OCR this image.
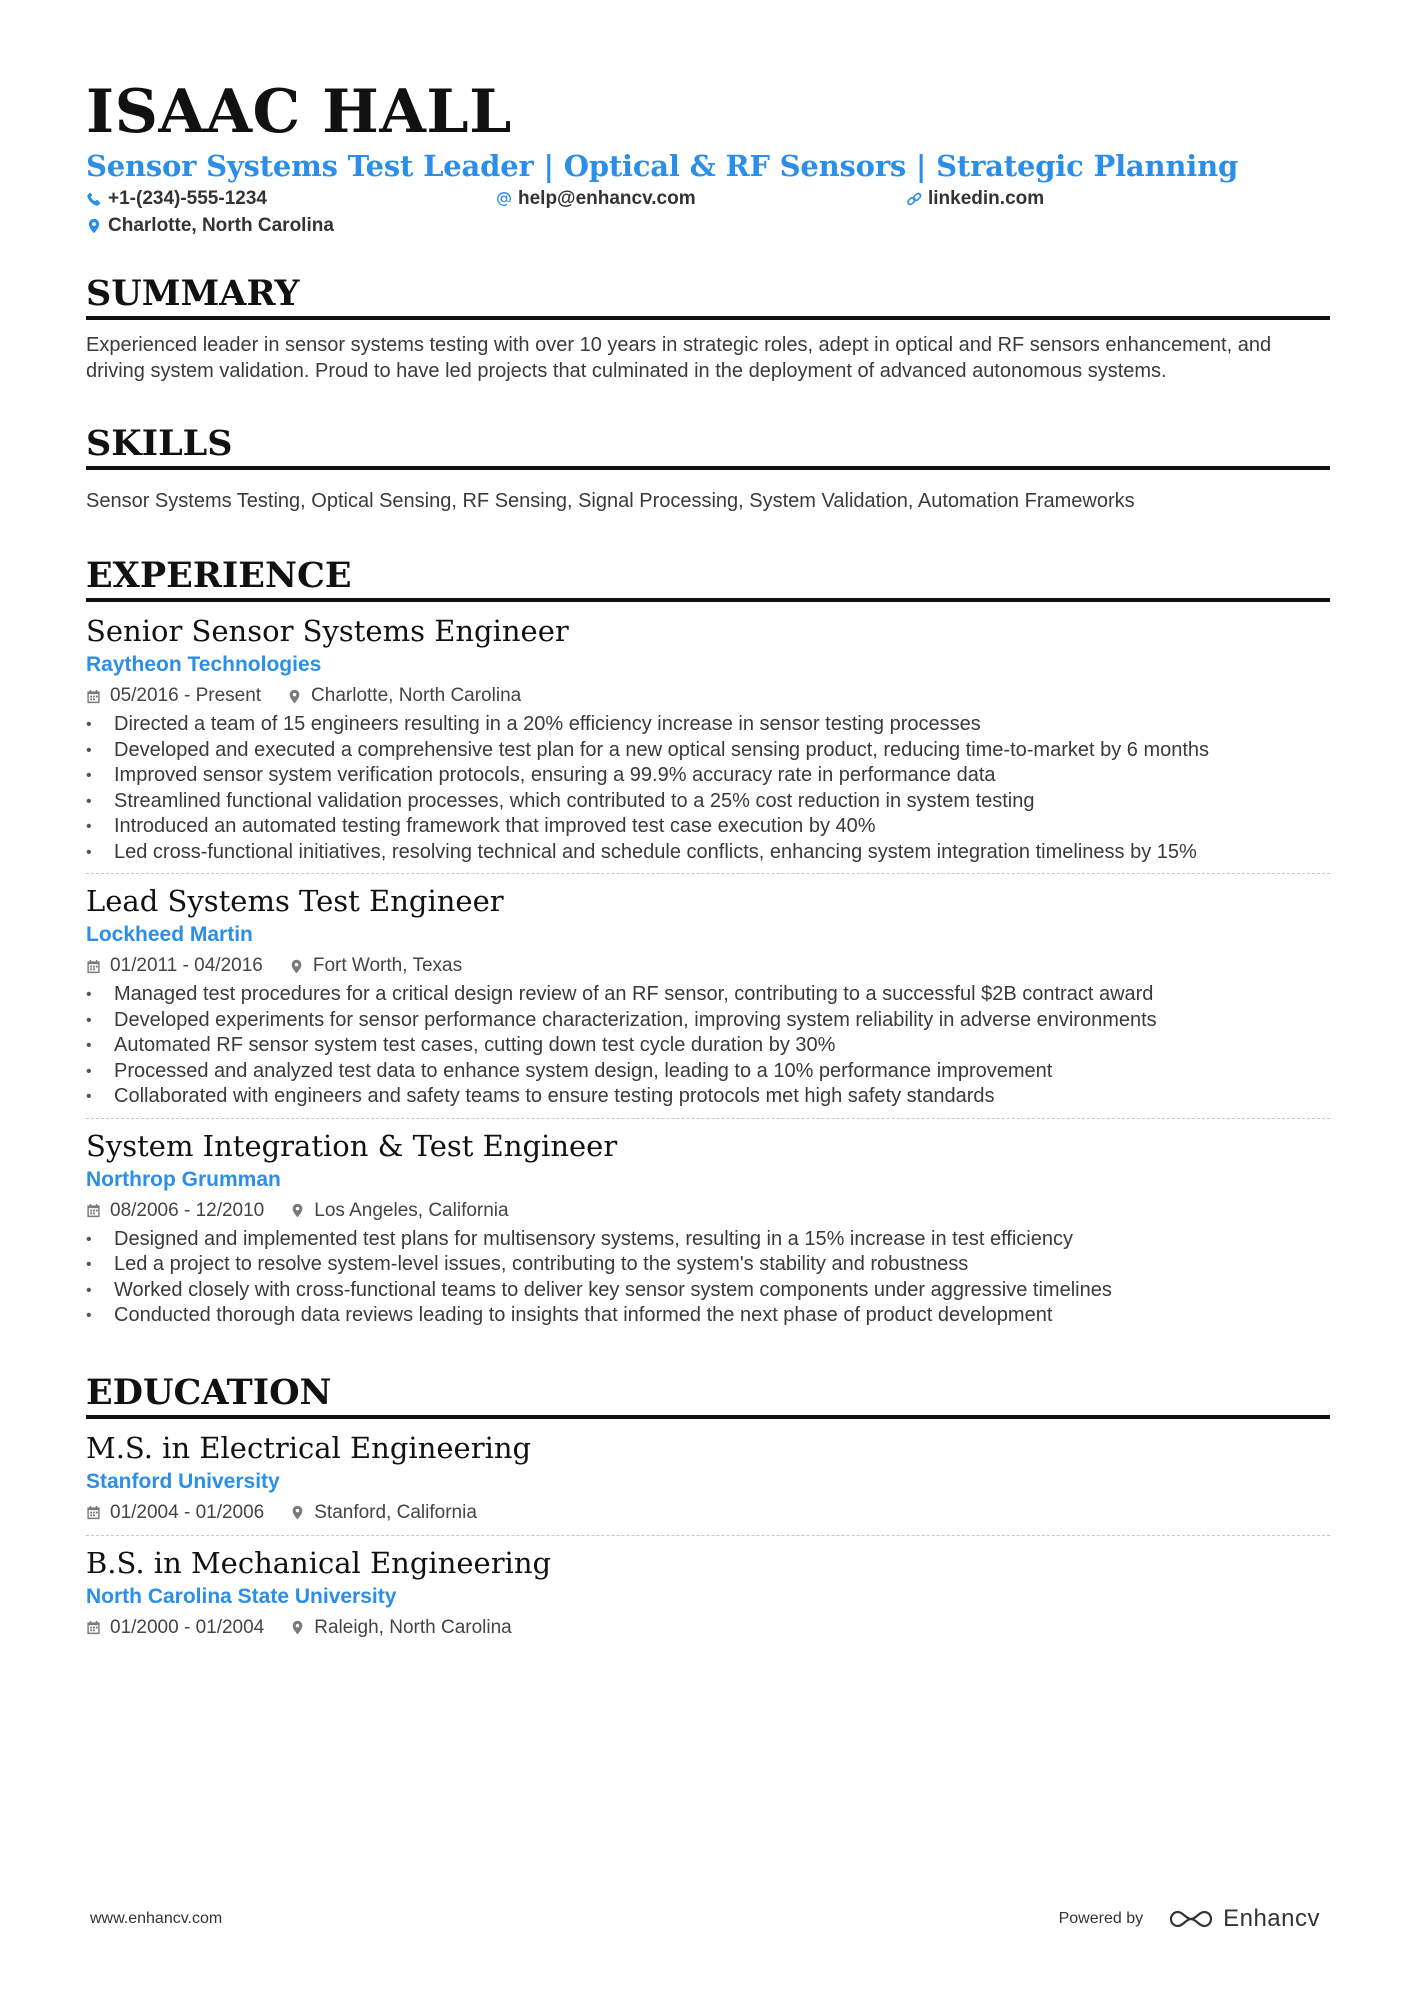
ISAAC HALL
Sensor Systems Test Leader | Optical & RF Sensors | Strategic Planning
+1-(234)-555-1234	help@enhancv.com	linkedin.com
Charlotte, North Carolina
SUMMARY
Experienced leader in sensor systems testing with over 10 years in strategic roles, adept in optical and RF sensors enhancement, and driving system validation. Proud to have led projects that culminated in the deployment of advanced autonomous systems.
SKILLS
Sensor Systems Testing, Optical Sensing, RF Sensing, Signal Processing, System Validation, Automation Frameworks
EXPERIENCE
Senior Sensor Systems Engineer
Raytheon Technologies
05/2016 - Present	Charlotte, North Carolina
• Directed a team of 15 engineers resulting in a 20% efficiency increase in sensor testing processes
• Developed and executed a comprehensive test plan for a new optical sensing product, reducing time-to-market by 6 months
• Improved sensor system verification protocols, ensuring a 99.9% accuracy rate in performance data
• Streamlined functional validation processes, which contributed to a 25% cost reduction in system testing
• Introduced an automated testing framework that improved test case execution by 40%
• Led cross-functional initiatives, resolving technical and schedule conflicts, enhancing system integration timeliness by 15%
Lead Systems Test Engineer
Lockheed Martin
01/2011 - 04/2016	Fort Worth, Texas
• Managed test procedures for a critical design review of an RF sensor, contributing to a successful $2B contract award
• Developed experiments for sensor performance characterization, improving system reliability in adverse environments
• Automated RF sensor system test cases, cutting down test cycle duration by 30%
• Processed and analyzed test data to enhance system design, leading to a 10% performance improvement
• Collaborated with engineers and safety teams to ensure testing protocols met high safety standards
System Integration & Test Engineer
Northrop Grumman
08/2006 - 12/2010	Los Angeles, California
• Designed and implemented test plans for multisensory systems, resulting in a 15% increase in test efficiency
• Led a project to resolve system-level issues, contributing to the system's stability and robustness
• Worked closely with cross-functional teams to deliver key sensor system components under aggressive timelines
• Conducted thorough data reviews leading to insights that informed the next phase of product development
EDUCATION
M.S. in Electrical Engineering
Stanford University
01/2004 - 01/2006	Stanford, California
B.S. in Mechanical Engineering
North Carolina State University
01/2000 - 01/2004	Raleigh, North Carolina
www.enhancv.com	Powered by	Enhancv
